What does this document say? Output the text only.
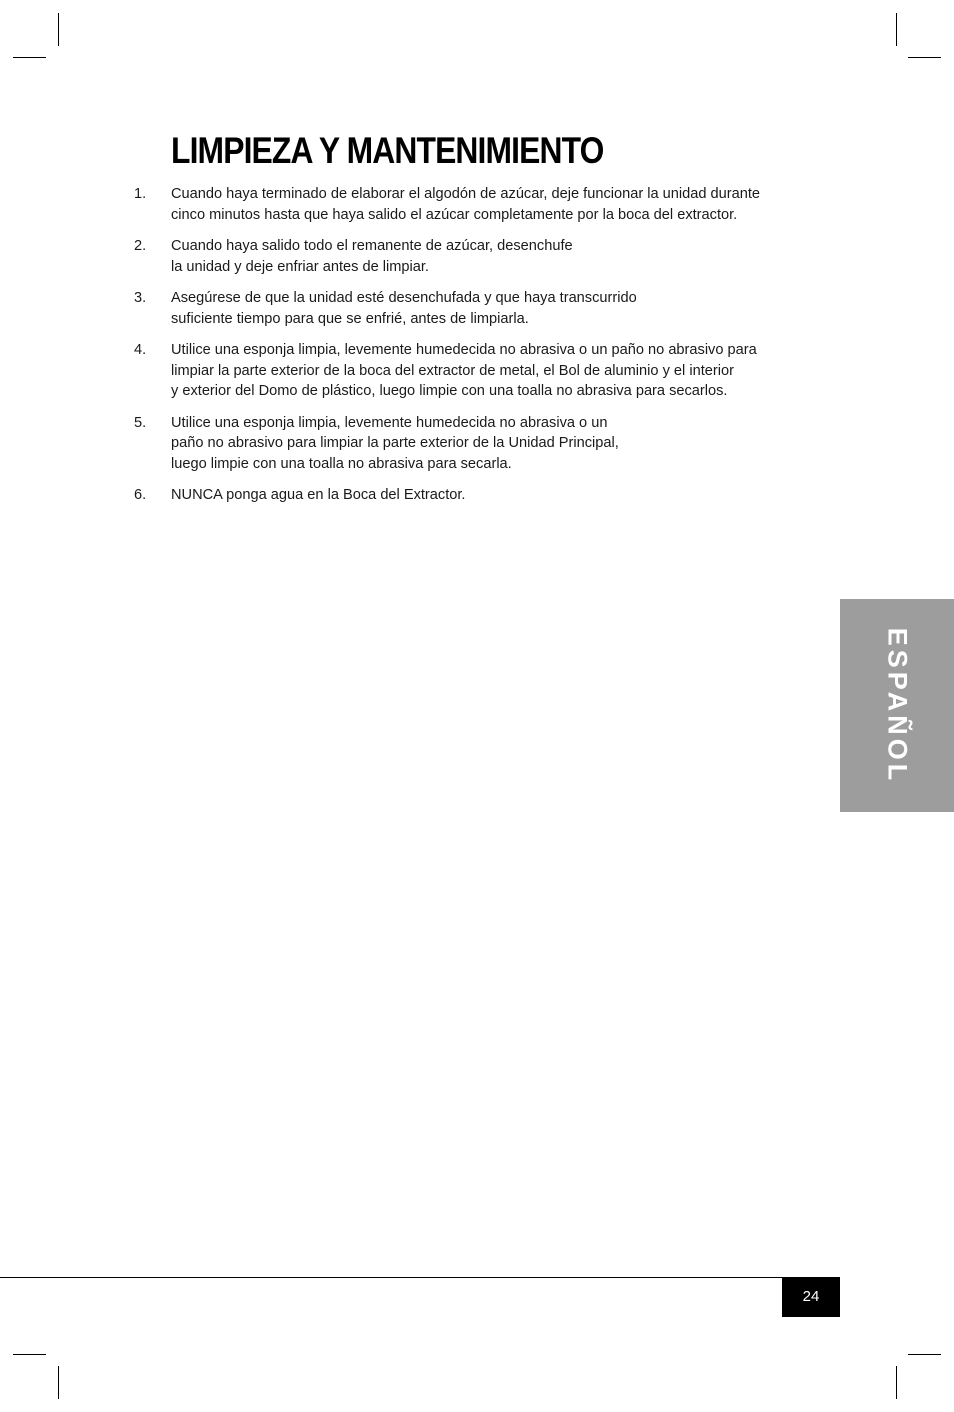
LIMPIEZA Y MANTENIMIENTO
1. Cuando haya terminado de elaborar el algodón de azúcar, deje funcionar la unidad durante
cinco minutos hasta que haya salido el azúcar completamente por la boca del extractor.
2. Cuando haya salido todo el remanente de azúcar, desenchufe
la unidad y deje enfriar antes de limpiar.
3. Asegúrese de que la unidad esté desenchufada y que haya transcurrido
suficiente tiempo para que se enfrié, antes de limpiarla.
4. Utilice una esponja limpia, levemente humedecida no abrasiva o un paño no abrasivo para
limpiar la parte exterior de la boca del extractor de metal, el Bol de aluminio y el interior
y exterior del Domo de plástico, luego limpie con una toalla no abrasiva para secarlos.
5. Utilice una esponja limpia, levemente humedecida no abrasiva o un
paño no abrasivo para limpiar la parte exterior de la Unidad Principal,
luego limpie con una toalla no abrasiva para secarla.
6. NUNCA ponga agua en la Boca del Extractor.
ESPAÑOL
24
